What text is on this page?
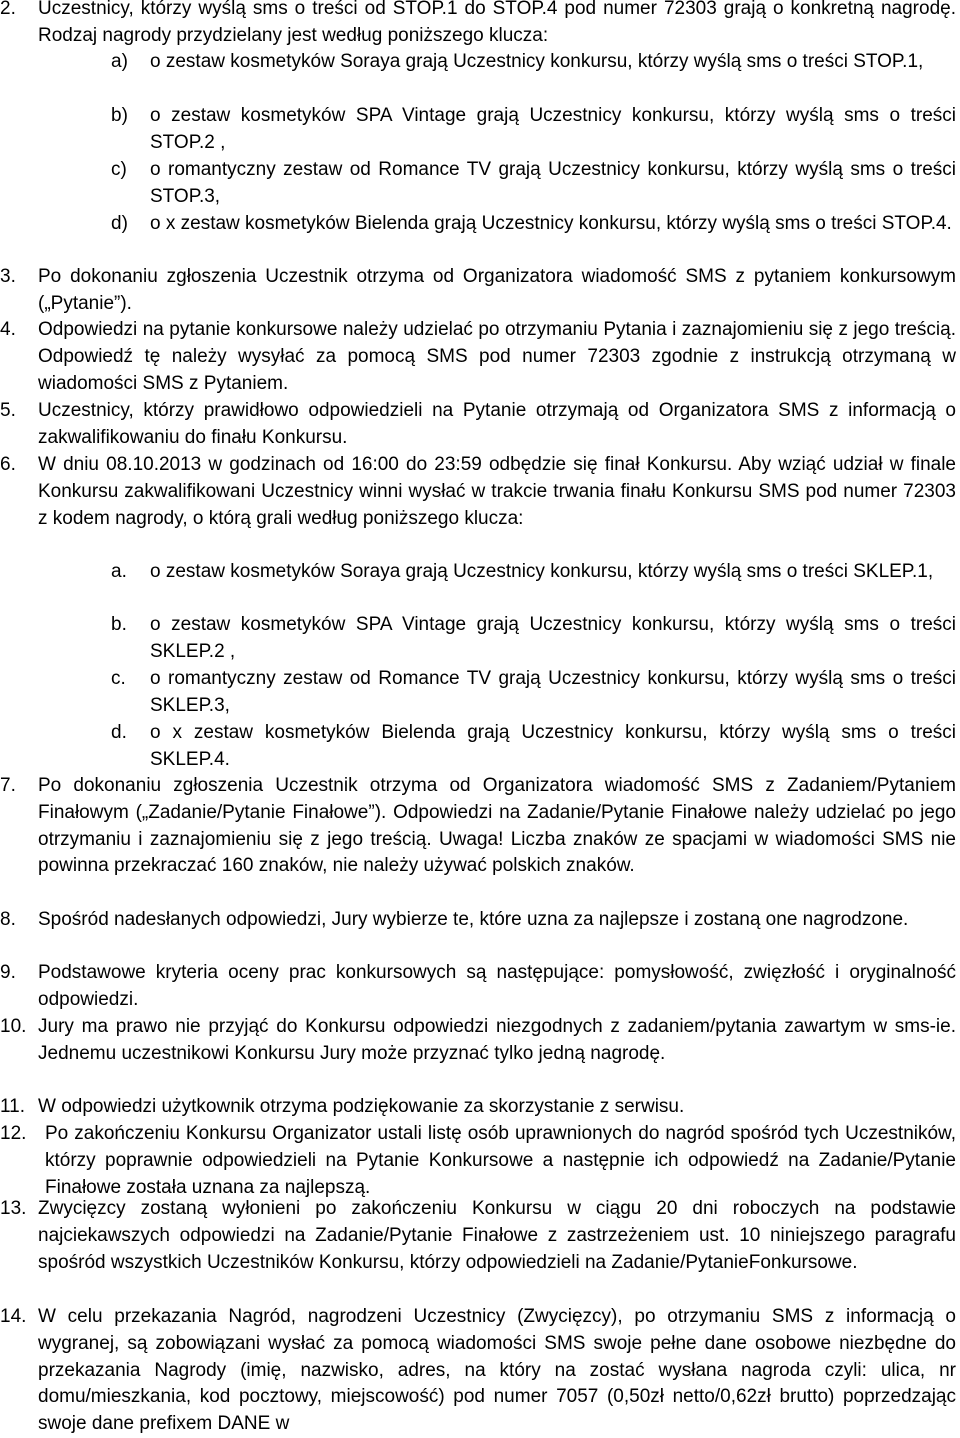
2. Uczestnicy, którzy wyślą sms o treści od STOP.1 do STOP.4 pod numer 72303 grają o konkretną nagrodę. Rodzaj nagrody przydzielany jest według poniższego klucza:
a) o zestaw kosmetyków Soraya grają Uczestnicy konkursu, którzy wyślą sms o treści STOP.1,
b) o zestaw kosmetyków SPA Vintage grają Uczestnicy konkursu, którzy wyślą sms o treści STOP.2 ,
c) o romantyczny zestaw od Romance TV grają Uczestnicy konkursu, którzy wyślą sms o treści STOP.3,
d) o x zestaw kosmetyków Bielenda grają Uczestnicy konkursu, którzy wyślą sms o treści STOP.4.
3. Po dokonaniu zgłoszenia Uczestnik otrzyma od Organizatora wiadomość SMS z pytaniem konkursowym („Pytanie”).
4. Odpowiedzi na pytanie konkursowe należy udzielać po otrzymaniu Pytania i zaznajomieniu się z jego treścią. Odpowiedź tę należy wysyłać za pomocą SMS pod numer 72303 zgodnie z instrukcją otrzymaną w wiadomości SMS z Pytaniem.
5. Uczestnicy, którzy prawidłowo odpowiedzieli na Pytanie otrzymają od Organizatora SMS z informacją o zakwalifikowaniu do finału Konkursu.
6. W dniu 08.10.2013 w godzinach od 16:00 do 23:59 odbędzie się finał Konkursu. Aby wziąć udział w finale Konkursu zakwalifikowani Uczestnicy winni wysłać w trakcie trwania finału Konkursu SMS pod numer 72303 z kodem nagrody, o którą grali według poniższego klucza:
a. o zestaw kosmetyków Soraya grają Uczestnicy konkursu, którzy wyślą sms o treści SKLEP.1,
b. o zestaw kosmetyków SPA Vintage grają Uczestnicy konkursu, którzy wyślą sms o treści SKLEP.2 ,
c. o romantyczny zestaw od Romance TV grają Uczestnicy konkursu, którzy wyślą sms o treści SKLEP.3,
d. o x zestaw kosmetyków Bielenda grają Uczestnicy konkursu, którzy wyślą sms o treści SKLEP.4.
7. Po dokonaniu zgłoszenia Uczestnik otrzyma od Organizatora wiadomość SMS z Zadaniem/Pytaniem Finałowym („Zadanie/Pytanie Finałowe”). Odpowiedzi na Zadanie/Pytanie Finałowe należy udzielać po jego otrzymaniu i zaznajomieniu się z jego treścią. Uwaga! Liczba znaków ze spacjami w wiadomości SMS nie powinna przekraczać 160 znaków, nie należy używać polskich znaków.
8. Spośród nadesłanych odpowiedzi, Jury wybierze te, które uzna za najlepsze i zostaną one nagrodzone.
9. Podstawowe kryteria oceny prac konkursowych są następujące: pomysłowość, zwięzłość i oryginalność odpowiedzi.
10. Jury ma prawo nie przyjąć do Konkursu odpowiedzi niezgodnych z zadaniem/pytania zawartym w sms-ie. Jednemu uczestnikowi Konkursu Jury może przyznać tylko jedną nagrodę.
11. W odpowiedzi użytkownik otrzyma podziękowanie za skorzystanie z serwisu.
12. Po zakończeniu Konkursu Organizator ustali listę osób uprawnionych do nagród spośród tych Uczestników, którzy poprawnie odpowiedzieli na Pytanie Konkursowe a następnie ich odpowiedź na Zadanie/Pytanie Finałowe została uznana za najlepszą.
13. Zwycięzcy zostaną wyłonieni po zakończeniu Konkursu w ciągu 20 dni roboczych na podstawie najciekawszych odpowiedzi na Zadanie/Pytanie Finałowe z zastrzeżeniem ust. 10 niniejszego paragrafu spośród wszystkich Uczestników Konkursu, którzy odpowiedzieli na Zadanie/PytanieFonkursowe.
14. W celu przekazania Nagród, nagrodzeni Uczestnicy (Zwycięzcy), po otrzymaniu SMS z informacją o wygranej, są zobowiązani wysłać za pomocą wiadomości SMS swoje pełne dane osobowe niezbędne do przekazania Nagrody (imię, nazwisko, adres, na który na zostać wysłana nagroda czyli: ulica, nr domu/mieszkania, kod pocztowy, miejscowość) pod numer 7057 (0,50zł netto/0,62zł brutto) poprzedzając swoje dane prefixem DANE w
